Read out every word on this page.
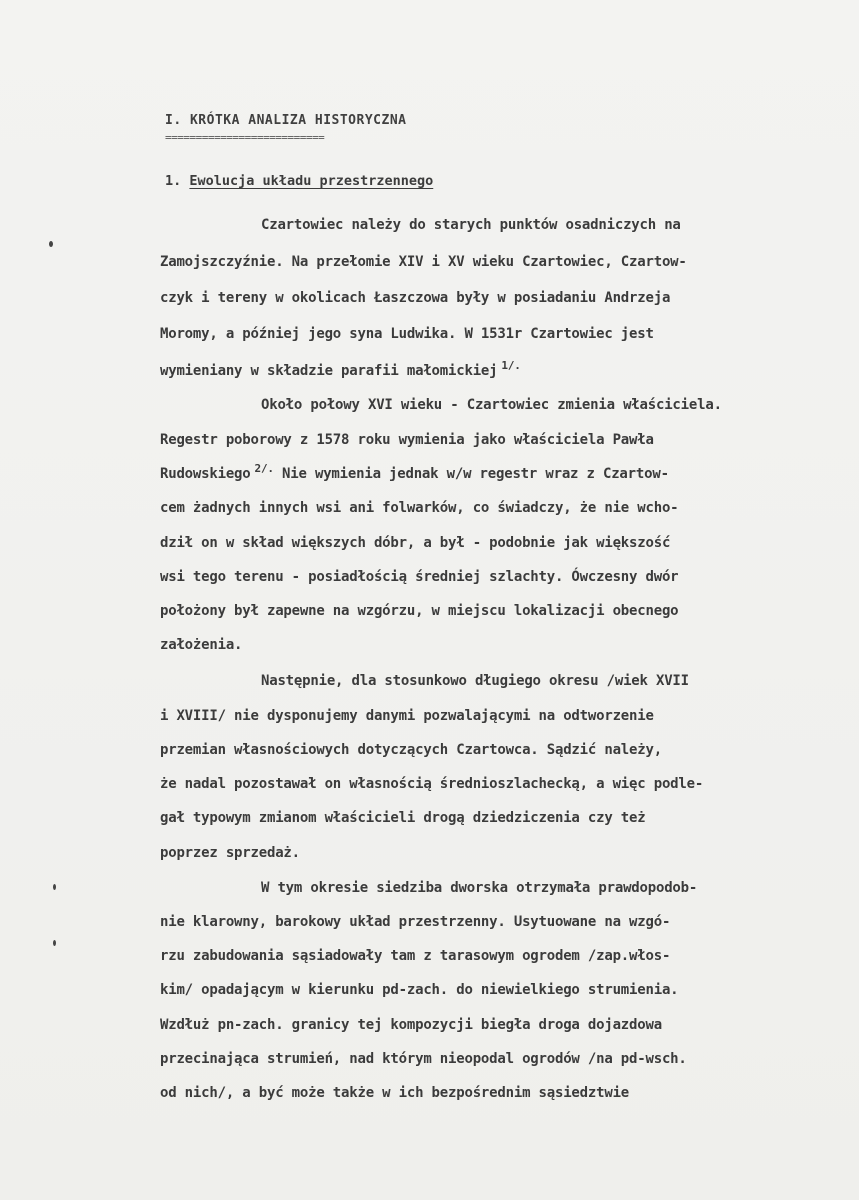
I. KRÓTKA ANALIZA HISTORYCZNA
==========================
1. Ewolucja układu przestrzennego
Czartowiec należy do starych punktów osadniczych na
Zamojszczyźnie. Na przełomie XIV i XV wieku Czartowiec, Czartow-
czyk i tereny w okolicach Łaszczowa były w posiadaniu Andrzeja
Moromy, a później jego syna Ludwika. W 1531r Czartowiec jest
wymieniany w składzie parafii małomickiej $^{1/.}$
Około połowy XVI wieku - Czartowiec zmienia właściciela.
Regestr poborowy z 1578 roku wymienia jako właściciela Pawła
Rudowskiego $^{2/.}$ Nie wymienia jednak w/w regestr wraz z Czartow-
cem żadnych innych wsi ani folwarków, co świadczy, że nie wcho-
dził on w skład większych dóbr, a był - podobnie jak większość
wsi tego terenu - posiadłością średniej szlachty. Ówczesny dwór
położony był zapewne na wzgórzu, w miejscu lokalizacji obecnego
założenia.
Następnie, dla stosunkowo długiego okresu /wiek XVII
i XVIII/ nie dysponujemy danymi pozwalającymi na odtworzenie
przemian własnościowych dotyczących Czartowca. Sądzić należy,
że nadal pozostawał on własnością średnioszlachecką, a więc podle-
gał typowym zmianom właścicieli drogą dziedziczenia czy też
poprzez sprzedaż.
W tym okresie siedziba dworska otrzymała prawdopodob-
nie klarowny, barokowy układ przestrzenny. Usytuowane na wzgó-
rzu zabudowania sąsiadowały tam z tarasowym ogrodem /zap.włos-
kim/ opadającym w kierunku pd-zach. do niewielkiego strumienia.
Wzdłuż pn-zach. granicy tej kompozycji biegła droga dojazdowa
przecinająca strumień, nad którym nieopodal ogrodów /na pd-wsch.
od nich/, a być może także w ich bezpośrednim sąsiedztwie
